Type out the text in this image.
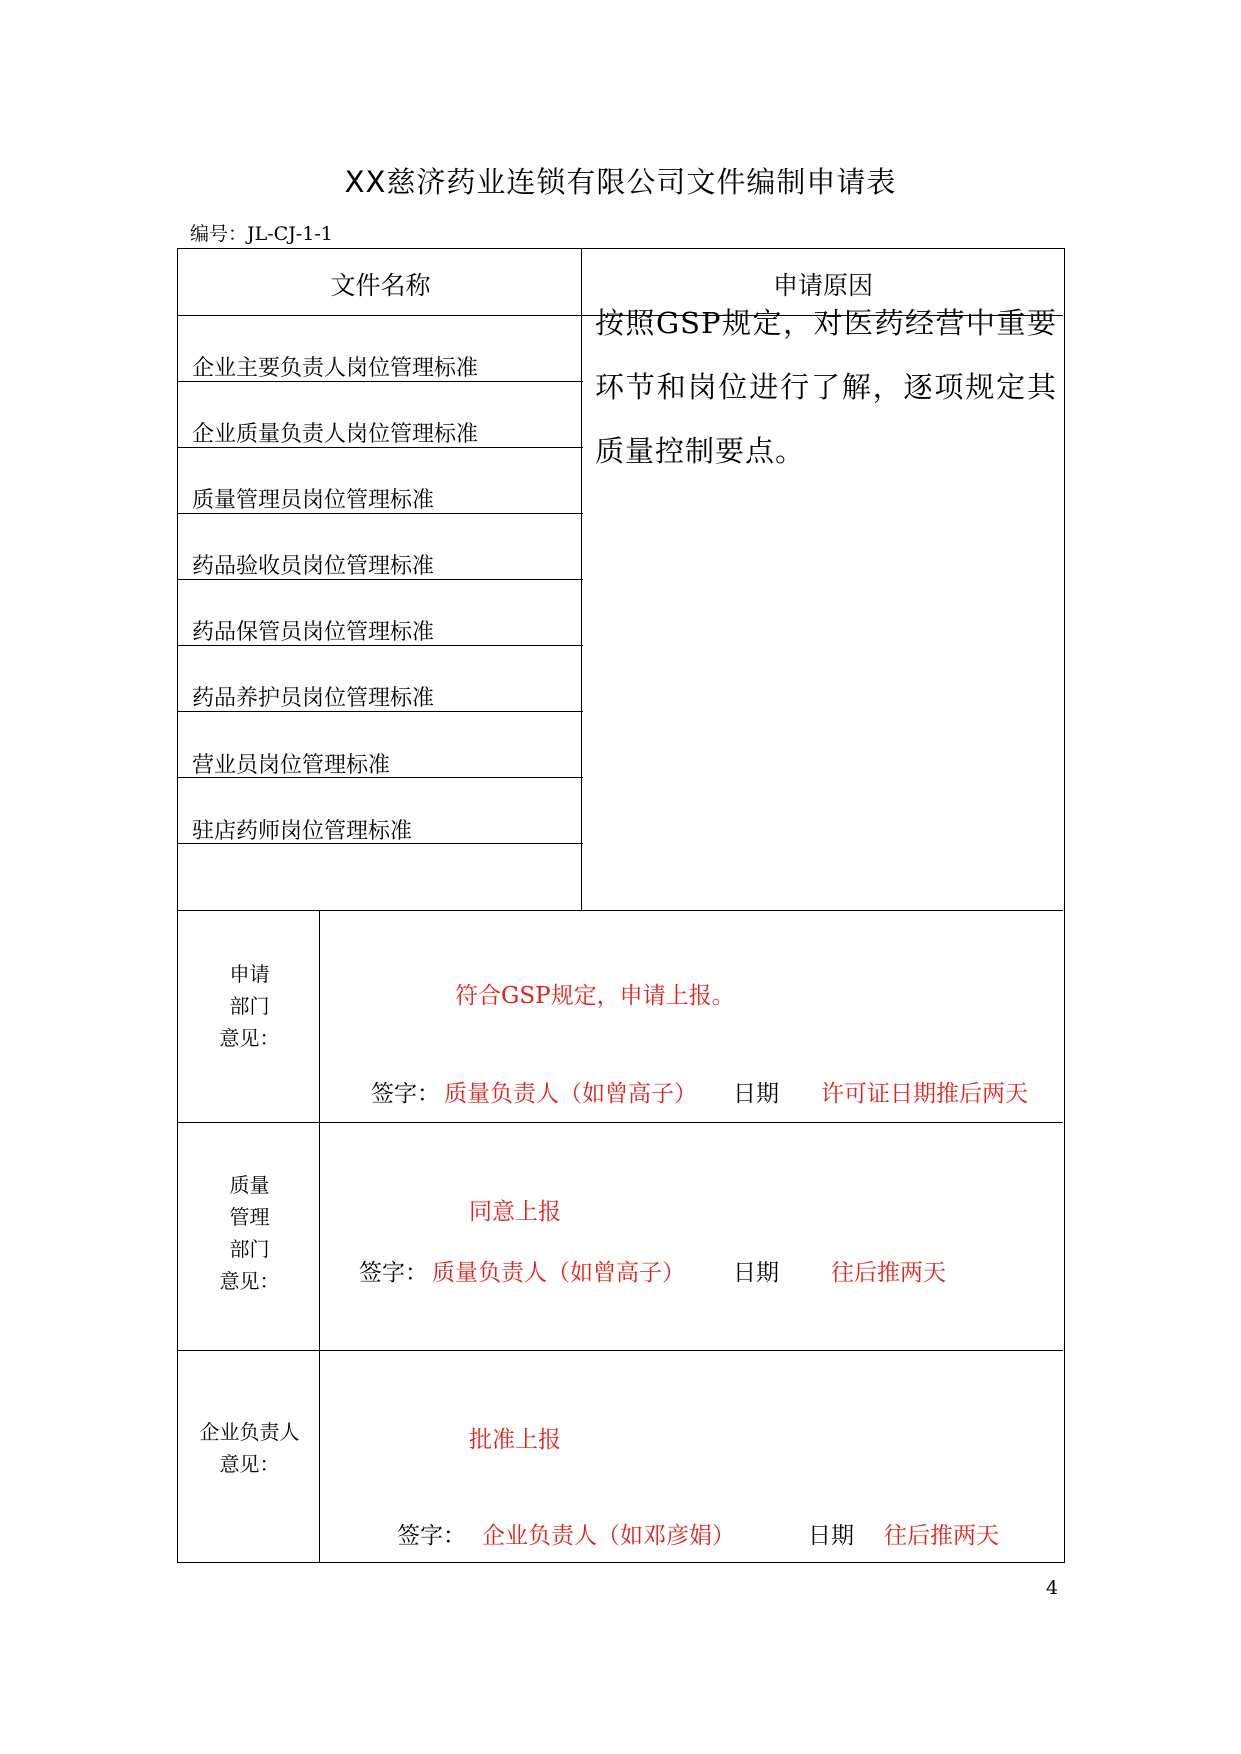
XX慈济药业连锁有限公司文件编制申请表
编号：JL-CJ-1-1
文件名称	申请原因
企业主要负责人岗位管理标准
企业质量负责人岗位管理标准
质量管理员岗位管理标准
药品验收员岗位管理标准
药品保管员岗位管理标准
药品养护员岗位管理标准
营业员岗位管理标准
驻店药师岗位管理标准
按照GSP规定，对医药经营中重要环节和岗位进行了解，逐项规定其质量控制要点。
申请
部门
意见：
符合GSP规定，申请上报。
签字： 质量负责人（如曾高子） 日期 许可证日期推后两天
质量
管理
部门
意见：
同意上报
签字： 质量负责人（如曾高子） 日期 往后推两天
企业负责人
意见：
批准上报
签字： 企业负责人（如邓彦娟）	日期 往后推两天
4
